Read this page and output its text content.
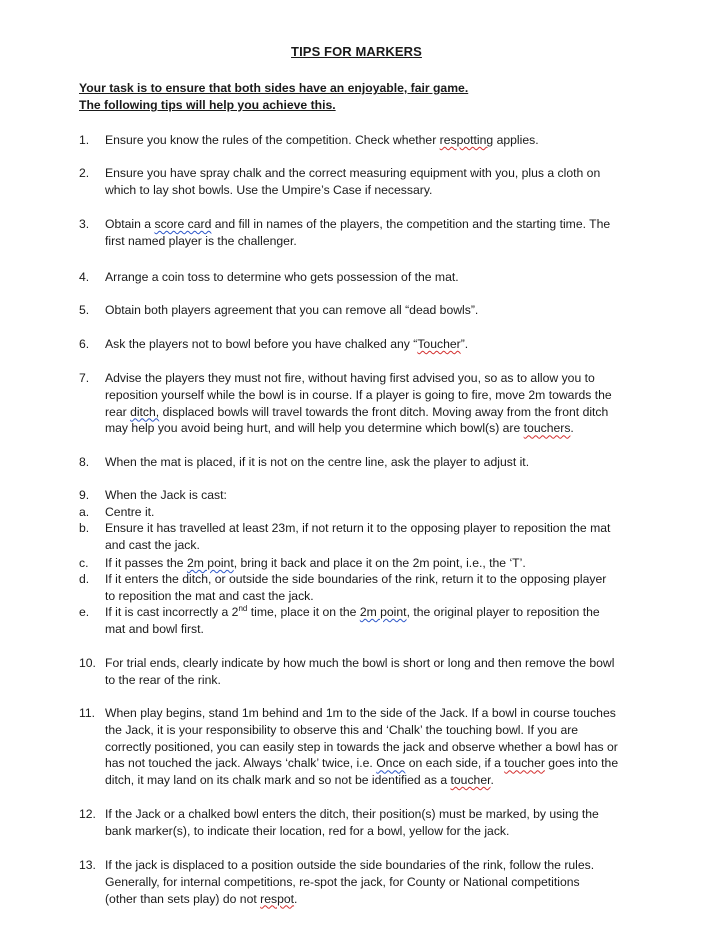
TIPS FOR MARKERS
Your task is to ensure that both sides have an enjoyable, fair game.
The following tips will help you achieve this.
1. Ensure you know the rules of the competition. Check whether respotting applies.
2. Ensure you have spray chalk and the correct measuring equipment with you, plus a cloth on
which to lay shot bowls. Use the Umpire’s Case if necessary.
3. Obtain a score card and fill in names of the players, the competition and the starting time. The
first named player is the challenger.
4. Arrange a coin toss to determine who gets possession of the mat.
5. Obtain both players agreement that you can remove all “dead bowls”.
6. Ask the players not to bowl before you have chalked any “Toucher”.
7. Advise the players they must not fire, without having first advised you, so as to allow you to
reposition yourself while the bowl is in course. If a player is going to fire, move 2m towards the
rear ditch, displaced bowls will travel towards the front ditch. Moving away from the front ditch
may help you avoid being hurt, and will help you determine which bowl(s) are touchers.
8. When the mat is placed, if it is not on the centre line, ask the player to adjust it.
9. When the Jack is cast:
a. Centre it.
b. Ensure it has travelled at least 23m, if not return it to the opposing player to reposition the mat
and cast the jack.
c. If it passes the 2m point, bring it back and place it on the 2m point, i.e., the ‘T’.
d. If it enters the ditch, or outside the side boundaries of the rink, return it to the opposing player
to reposition the mat and cast the jack.
e. If it is cast incorrectly a 2nd time, place it on the 2m point, the original player to reposition the
mat and bowl first.
10. For trial ends, clearly indicate by how much the bowl is short or long and then remove the bowl
to the rear of the rink.
11. When play begins, stand 1m behind and 1m to the side of the Jack. If a bowl in course touches
the Jack, it is your responsibility to observe this and ‘Chalk’ the touching bowl. If you are
correctly positioned, you can easily step in towards the jack and observe whether a bowl has or
has not touched the jack. Always ‘chalk’ twice, i.e. Once on each side, if a toucher goes into the
ditch, it may land on its chalk mark and so not be identified as a toucher.
12. If the Jack or a chalked bowl enters the ditch, their position(s) must be marked, by using the
bank marker(s), to indicate their location, red for a bowl, yellow for the jack.
13. If the jack is displaced to a position outside the side boundaries of the rink, follow the rules.
Generally, for internal competitions, re-spot the jack, for County or National competitions
(other than sets play) do not respot.
